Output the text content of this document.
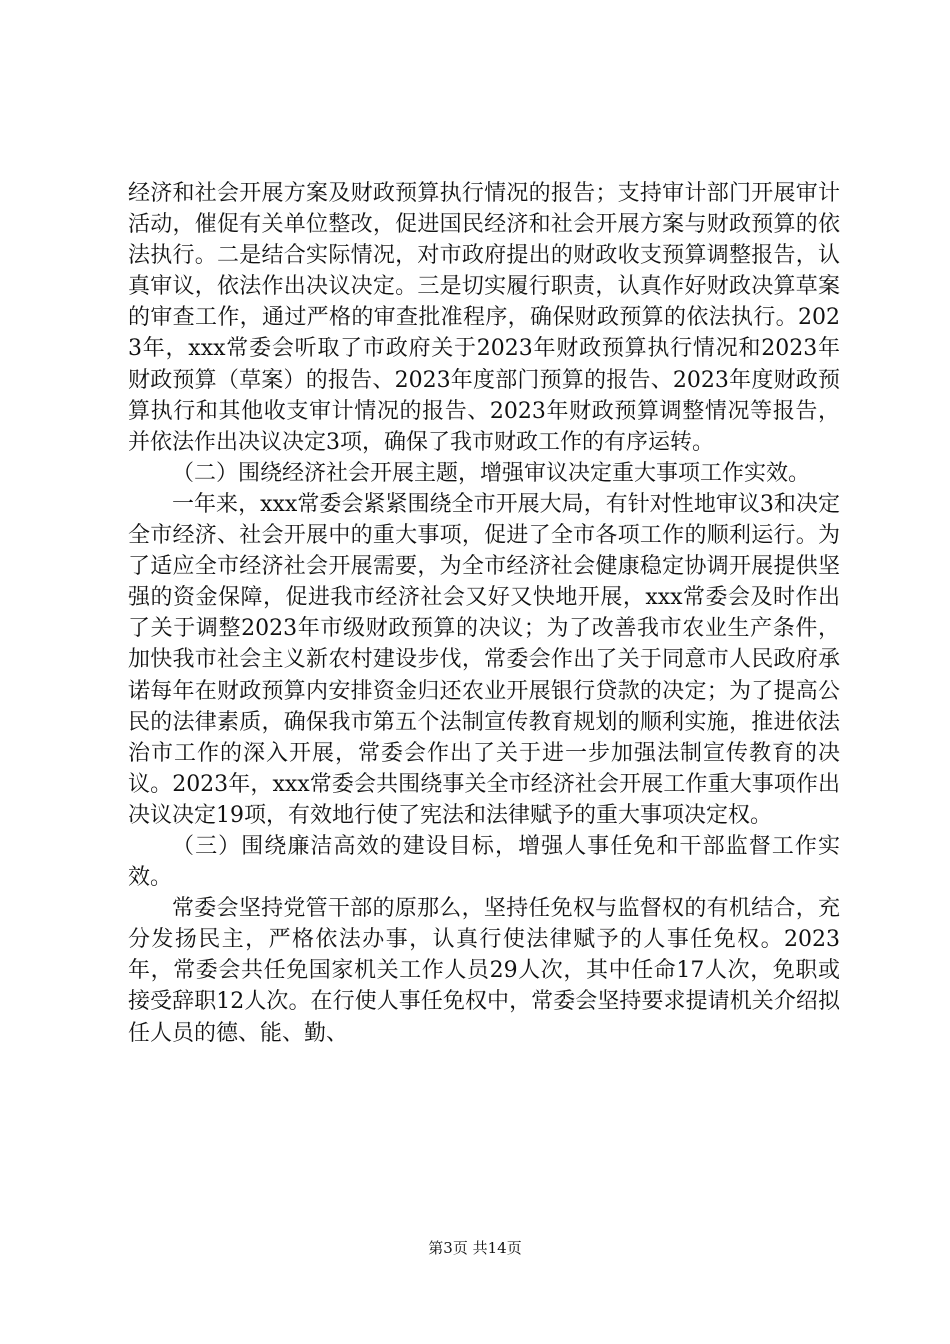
经济和社会开展方案及财政预算执行情况的报告；支持审计部门开展审计活动，催促有关单位整改，促进国民经济和社会开展方案与财政预算的依法执行。二是结合实际情况，对市政府提出的财政收支预算调整报告，认真审议，依法作出决议决定。三是切实履行职责，认真作好财政决算草案的审查工作，通过严格的审查批准程序，确保财政预算的依法执行。2023年，xxx常委会听取了市政府关于2023年财政预算执行情况和2023年财政预算（草案）的报告、2023年度部门预算的报告、2023年度财政预算执行和其他收支审计情况的报告、2023年财政预算调整情况等报告，并依法作出决议决定3项，确保了我市财政工作的有序运转。

（二）围绕经济社会开展主题，增强审议决定重大事项工作实效。

一年来，xxx常委会紧紧围绕全市开展大局，有针对性地审议3和决定全市经济、社会开展中的重大事项，促进了全市各项工作的顺利运行。为了适应全市经济社会开展需要，为全市经济社会健康稳定协调开展提供坚强的资金保障，促进我市经济社会又好又快地开展，xxx常委会及时作出了关于调整2023年市级财政预算的决议；为了改善我市农业生产条件，加快我市社会主义新农村建设步伐，常委会作出了关于同意市人民政府承诺每年在财政预算内安排资金归还农业开展银行贷款的决定；为了提高公民的法律素质，确保我市第五个法制宣传教育规划的顺利实施，推进依法治市工作的深入开展，常委会作出了关于进一步加强法制宣传教育的决议。2023年，xxx常委会共围绕事关全市经济社会开展工作重大事项作出决议决定19项，有效地行使了宪法和法律赋予的重大事项决定权。

（三）围绕廉洁高效的建设目标，增强人事任免和干部监督工作实效。

常委会坚持党管干部的原那么，坚持任免权与监督权的有机结合，充分发扬民主，严格依法办事，认真行使法律赋予的人事任免权。2023年，常委会共任免国家机关工作人员29人次，其中任命17人次，免职或接受辞职12人次。在行使人事任免权中，常委会坚持要求提请机关介绍拟任人员的德、能、勤、

第3页 共14页
